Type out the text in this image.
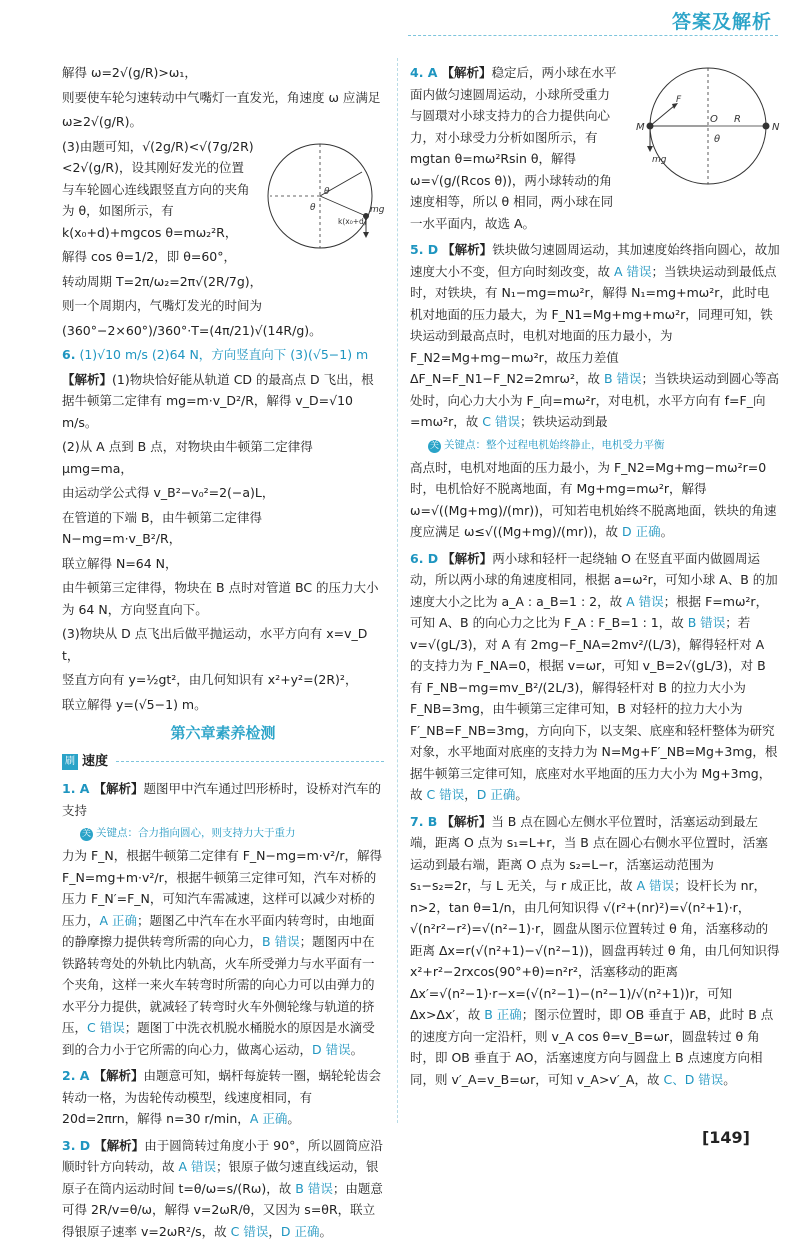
答案及解析

解得 ω=2√(g/R)>ω₁，

则要使车轮匀速转动中气嘴灯一直发光，角速度 ω 应满足

ω≥2√(g/R)。

mg
k(x₀+d)
θ
θ

(3)由题可知，√(2g/R)<√(7g/2R)<2√(g/R)，设其刚好发光的位置与车轮圆心连线跟竖直方向的夹角为 θ，如图所示，有 k(x₀+d)+mgcos θ=mω₂²R，

解得 cos θ=1/2，即 θ=60°，

转动周期 T=2π/ω₂=2π√(2R/7g)，

则一个周期内，气嘴灯发光的时间为

(360°−2×60°)/360°·T=(4π/21)√(14R/g)。

6. (1)√10 m/s (2)64 N，方向竖直向下 (3)(√5−1) m

【解析】(1)物块恰好能从轨道 CD 的最高点 D 飞出，根据牛顿第二定律有 mg=m·v_D²/R，解得 v_D=√10 m/s。

(2)从 A 点到 B 点，对物块由牛顿第二定律得 μmg=ma，

由运动学公式得 v_B²−v₀²=2(−a)L，

在管道的下端 B，由牛顿第二定律得 N−mg=m·v_B²/R，

联立解得 N=64 N，

由牛顿第三定律得，物块在 B 点时对管道 BC 的压力大小为 64 N，方向竖直向下。

(3)物块从 D 点飞出后做平抛运动，水平方向有 x=v_D t，

竖直方向有 y=½gt²，由几何知识有 x²+y²=(2R)²，

联立解得 y=(√5−1) m。

第六章素养检测
刷 速度

1. A 【解析】题图甲中汽车通过凹形桥时，设桥对汽车的支持

关 关键点：合力指向圆心，则支持力大于重力

力为 F_N，根据牛顿第二定律有 F_N−mg=m·v²/r，解得 F_N=mg+m·v²/r，根据牛顿第三定律可知，汽车对桥的压力 F_N′=F_N，可知汽车需减速，这样可以减少对桥的压力，A 正确；题图乙中汽车在水平面内转弯时，由地面的静摩擦力提供转弯所需的向心力，B 错误；题图丙中在铁路转弯处的外轨比内轨高，火车所受弹力与水平面有一个夹角，这样一来火车转弯时所需的向心力可以由弹力的水平分力提供，就减轻了转弯时火车外侧轮缘与轨道的挤压，C 错误；题图丁中洗衣机脱水桶脱水的原因是水滴受到的合力小于它所需的向心力，做离心运动，D 错误。

2. A 【解析】由题意可知，蜗杆每旋转一圈，蜗轮轮齿会转动一格，为齿轮传动模型，线速度相同，有 20d=2πrn，解得 n=30 r/min，A 正确。

3. D 【解析】由于圆筒转过角度小于 90°，所以圆筒应沿顺时针方向转动，故 A 错误；银原子做匀速直线运动，银原子在筒内运动时间 t=θ/ω=s/(Rω)，故 B 错误；由题意可得 2R/v=θ/ω，解得 v=2ωR/θ，又因为 s=θR，联立得银原子速率 v=2ωR²/s，故 C 错误，D 正确。

O R
M	N
θ
F
mg

4. A 【解析】稳定后，两小球在水平面内做匀速圆周运动，小球所受重力与圆環对小球支持力的合力提供向心力，对小球受力分析如图所示，有 mgtan θ=mω²Rsin θ，解得 ω=√(g/(Rcos θ))，两小球转动的角速度相等，所以 θ 相同，两小球在同一水平面内，故选 A。

5. D 【解析】铁块做匀速圆周运动，其加速度始终指向圆心，故加速度大小不变，但方向时刻改变，故 A 错误；当铁块运动到最低点时，对铁块，有 N₁−mg=mω²r，解得 N₁=mg+mω²r，此时电机对地面的压力最大，为 F_N1=Mg+mg+mω²r，同理可知，铁块运动到最高点时，电机对地面的压力最小，为 F_N2=Mg+mg−mω²r，故压力差值 ΔF_N=F_N1−F_N2=2mrω²，故 B 错误；当铁块运动到圆心等高处时，向心力大小为 F_向=mω²r，对电机，水平方向有 f=F_向=mω²r，故 C 错误；铁块运动到最

关 关键点：整个过程电机始终静止，电机受力平衡

高点时，电机对地面的压力最小，为 F_N2=Mg+mg−mω²r=0 时，电机恰好不脱离地面，有 Mg+mg=mω²r，解得 ω=√((Mg+mg)/(mr))，可知若电机始终不脱离地面，铁块的角速度应满足 ω≤√((Mg+mg)/(mr))，故 D 正确。

6. D 【解析】两小球和轻杆一起绕轴 O 在竖直平面内做圆周运动，所以两小球的角速度相同，根据 a=ω²r，可知小球 A、B 的加速度大小之比为 a_A : a_B=1 : 2，故 A 错误；根据 F=mω²r，可知 A、B 的向心力之比为 F_A : F_B=1 : 1，故 B 错误；若 v=√(gL/3)，对 A 有 2mg−F_NA=2mv²/(L/3)，解得轻杆对 A 的支持力为 F_NA=0，根据 v=ωr，可知 v_B=2√(gL/3)，对 B 有 F_NB−mg=mv_B²/(2L/3)，解得轻杆对 B 的拉力大小为 F_NB=3mg，由牛顿第三定律可知，B 对轻杆的拉力大小为 F′_NB=F_NB=3mg，方向向下，以支架、底座和轻杆整体为研究对象，水平地面对底座的支持力为 N=Mg+F′_NB=Mg+3mg，根据牛顿第三定律可知，底座对水平地面的压力大小为 Mg+3mg，故 C 错误，D 正确。

7. B 【解析】当 B 点在圆心左侧水平位置时，活塞运动到最左端，距离 O 点为 s₁=L+r，当 B 点在圆心右侧水平位置时，活塞运动到最右端，距离 O 点为 s₂=L−r，活塞运动范围为 s₁−s₂=2r，与 L 无关，与 r 成正比，故 A 错误；设杆长为 nr，n>2，tan θ=1/n，由几何知识得 √(r²+(nr)²)=√(n²+1)·r，√(n²r²−r²)=√(n²−1)·r，圆盘从图示位置转过 θ 角，活塞移动的距离 Δx=r(√(n²+1)−√(n²−1))，圆盘再转过 θ 角，由几何知识得 x²+r²−2rxcos(90°+θ)=n²r²，活塞移动的距离 Δx′=√(n²−1)·r−x=(√(n²−1)−(n²−1)/√(n²+1))r，可知 Δx>Δx′，故 B 正确；图示位置时，即 OB 垂直于 AB，此时 B 点的速度方向一定沿杆，则 v_A cos θ=v_B=ωr，圆盘转过 θ 角时，即 OB 垂直于 AO，活塞速度方向与圆盘上 B 点速度方向相同，则 v′_A=v_B=ωr，可知 v_A>v′_A，故 C、D 错误。

[149]
